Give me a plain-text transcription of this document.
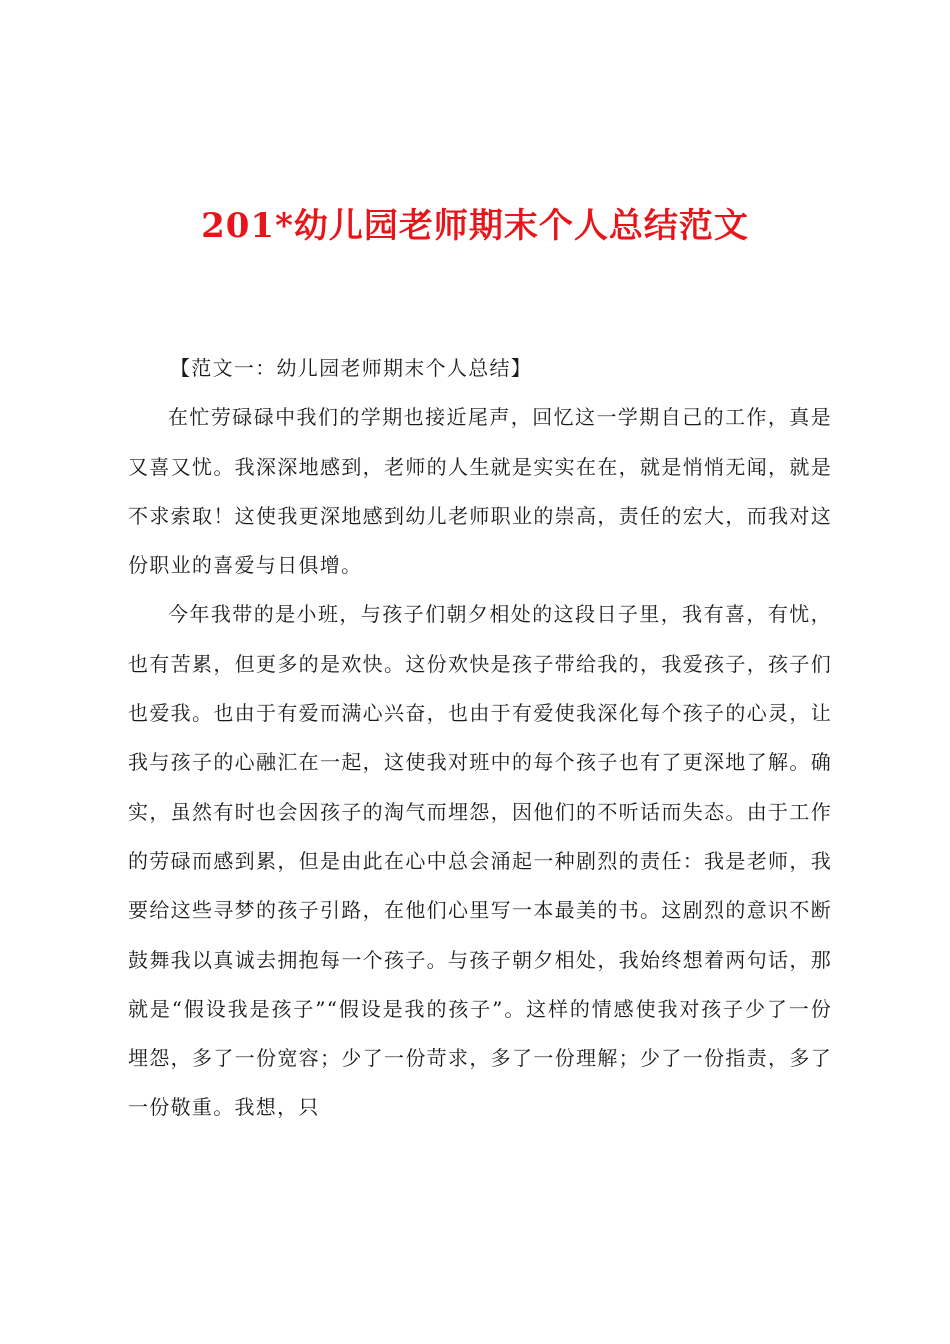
201*幼儿园老师期末个人总结范文

【范文一：幼儿园老师期末个人总结】

在忙劳碌碌中我们的学期也接近尾声，回忆这一学期自己的工作，真是又喜又忧。我深深地感到，老师的人生就是实实在在，就是悄悄无闻，就是不求索取！这使我更深地感到幼儿老师职业的崇高，责任的宏大，而我对这份职业的喜爱与日俱增。

今年我带的是小班，与孩子们朝夕相处的这段日子里，我有喜，有忧，也有苦累，但更多的是欢快。这份欢快是孩子带给我的，我爱孩子，孩子们也爱我。也由于有爱而满心兴奋，也由于有爱使我深化每个孩子的心灵，让我与孩子的心融汇在一起，这使我对班中的每个孩子也有了更深地了解。确实，虽然有时也会因孩子的淘气而埋怨，因他们的不听话而失态。由于工作的劳碌而感到累，但是由此在心中总会涌起一种剧烈的责任：我是老师，我要给这些寻梦的孩子引路，在他们心里写一本最美的书。这剧烈的意识不断鼓舞我以真诚去拥抱每一个孩子。与孩子朝夕相处，我始终想着两句话，那就是“假设我是孩子”“假设是我的孩子”。这样的情感使我对孩子少了一份埋怨，多了一份宽容；少了一份苛求，多了一份理解；少了一份指责，多了一份敬重。我想，只
